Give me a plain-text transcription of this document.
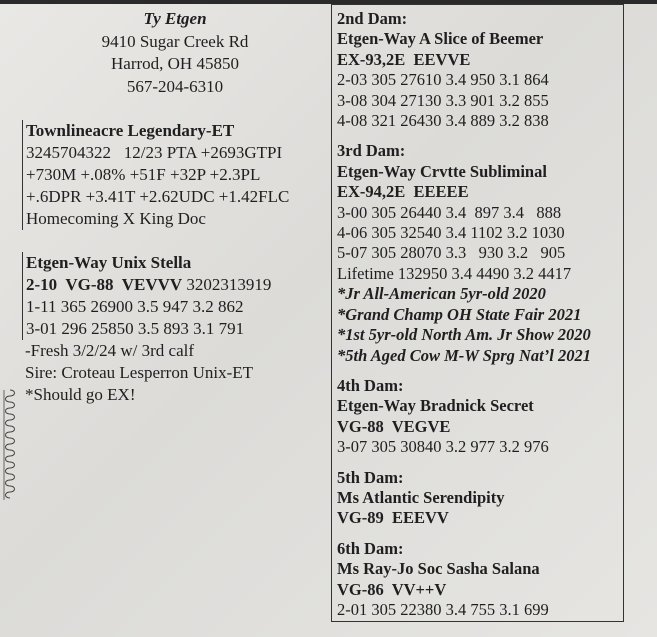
Ty Etgen
9410 Sugar Creek Rd
Harrod, OH 45850
567-204-6310
Townlineacre Legendary-ET
3245704322   12/23 PTA +2693GTPI
+730M +.08% +51F +32P +2.3PL
+.6DPR +3.41T +2.62UDC +1.42FLC
Homecoming X King Doc
Etgen-Way Unix Stella
2-10  VG-88  VEVVV 3202313919
1-11 365 26900 3.5 947 3.2 862
3-01 296 25850 3.5 893 3.1 791
-Fresh 3/2/24 w/ 3rd calf
Sire: Croteau Lesperron Unix-ET
*Should go EX!
2nd Dam:
Etgen-Way A Slice of Beemer
EX-93,2E  EEVVE
2-03 305 27610 3.4 950 3.1 864
3-08 304 27130 3.3 901 3.2 855
4-08 321 26430 3.4 889 3.2 838
3rd Dam:
Etgen-Way Crvtte Subliminal
EX-94,2E  EEEEE
3-00 305 26440 3.4  897 3.4   888
4-06 305 32540 3.4 1102 3.2 1030
5-07 305 28070 3.3   930 3.2   905
Lifetime 132950 3.4 4490 3.2 4417
*Jr All-American 5yr-old 2020
*Grand Champ OH State Fair 2021
*1st 5yr-old North Am. Jr Show 2020
*5th Aged Cow M-W Sprg Nat’l 2021
4th Dam:
Etgen-Way Bradnick Secret
VG-88  VEGVE
3-07 305 30840 3.2 977 3.2 976
5th Dam:
Ms Atlantic Serendipity
VG-89  EEEVV
6th Dam:
Ms Ray-Jo Soc Sasha Salana
VG-86  VV++V
2-01 305 22380 3.4 755 3.1 699
